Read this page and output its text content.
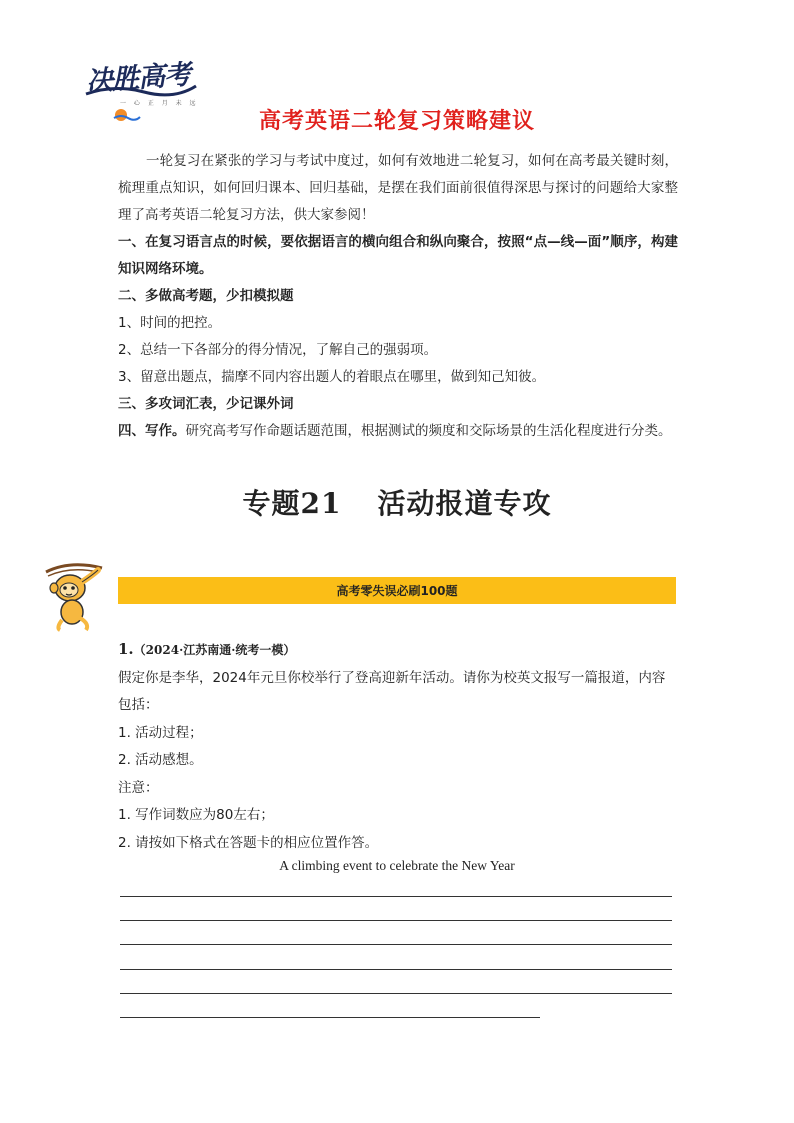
决胜高考
一 心 正 月 未 远
高考英语二轮复习策略建议

一轮复习在紧张的学习与考试中度过，如何有效地进二轮复习，如何在高考最关键时刻，梳理重点知识，如何回归课本、回归基础，是摆在我们面前很值得深思与探讨的问题给大家整理了高考英语二轮复习方法，供大家参阅！

一、在复习语言点的时候，要依据语言的横向组合和纵向聚合，按照“点—线—面”顺序，构建知识网络环境。

二、多做高考题，少扣模拟题

1、时间的把控。

2、总结一下各部分的得分情况，了解自己的强弱项。

3、留意出题点，揣摩不同内容出题人的着眼点在哪里，做到知己知彼。

三、多攻词汇表，少记课外词

四、写作。研究高考写作命题话题范围，根据测试的频度和交际场景的生活化程度进行分类。

专题21 活动报道专攻
高考零失误必刷100题

1.（2024·江苏南通·统考一模）

假定你是李华，2024年元旦你校举行了登高迎新年活动。请你为校英文报写一篇报道，内容包括：

1. 活动过程；

2. 活动感想。

注意：

1. 写作词数应为80左右；

2. 请按如下格式在答题卡的相应位置作答。

A climbing event to celebrate the New Year
